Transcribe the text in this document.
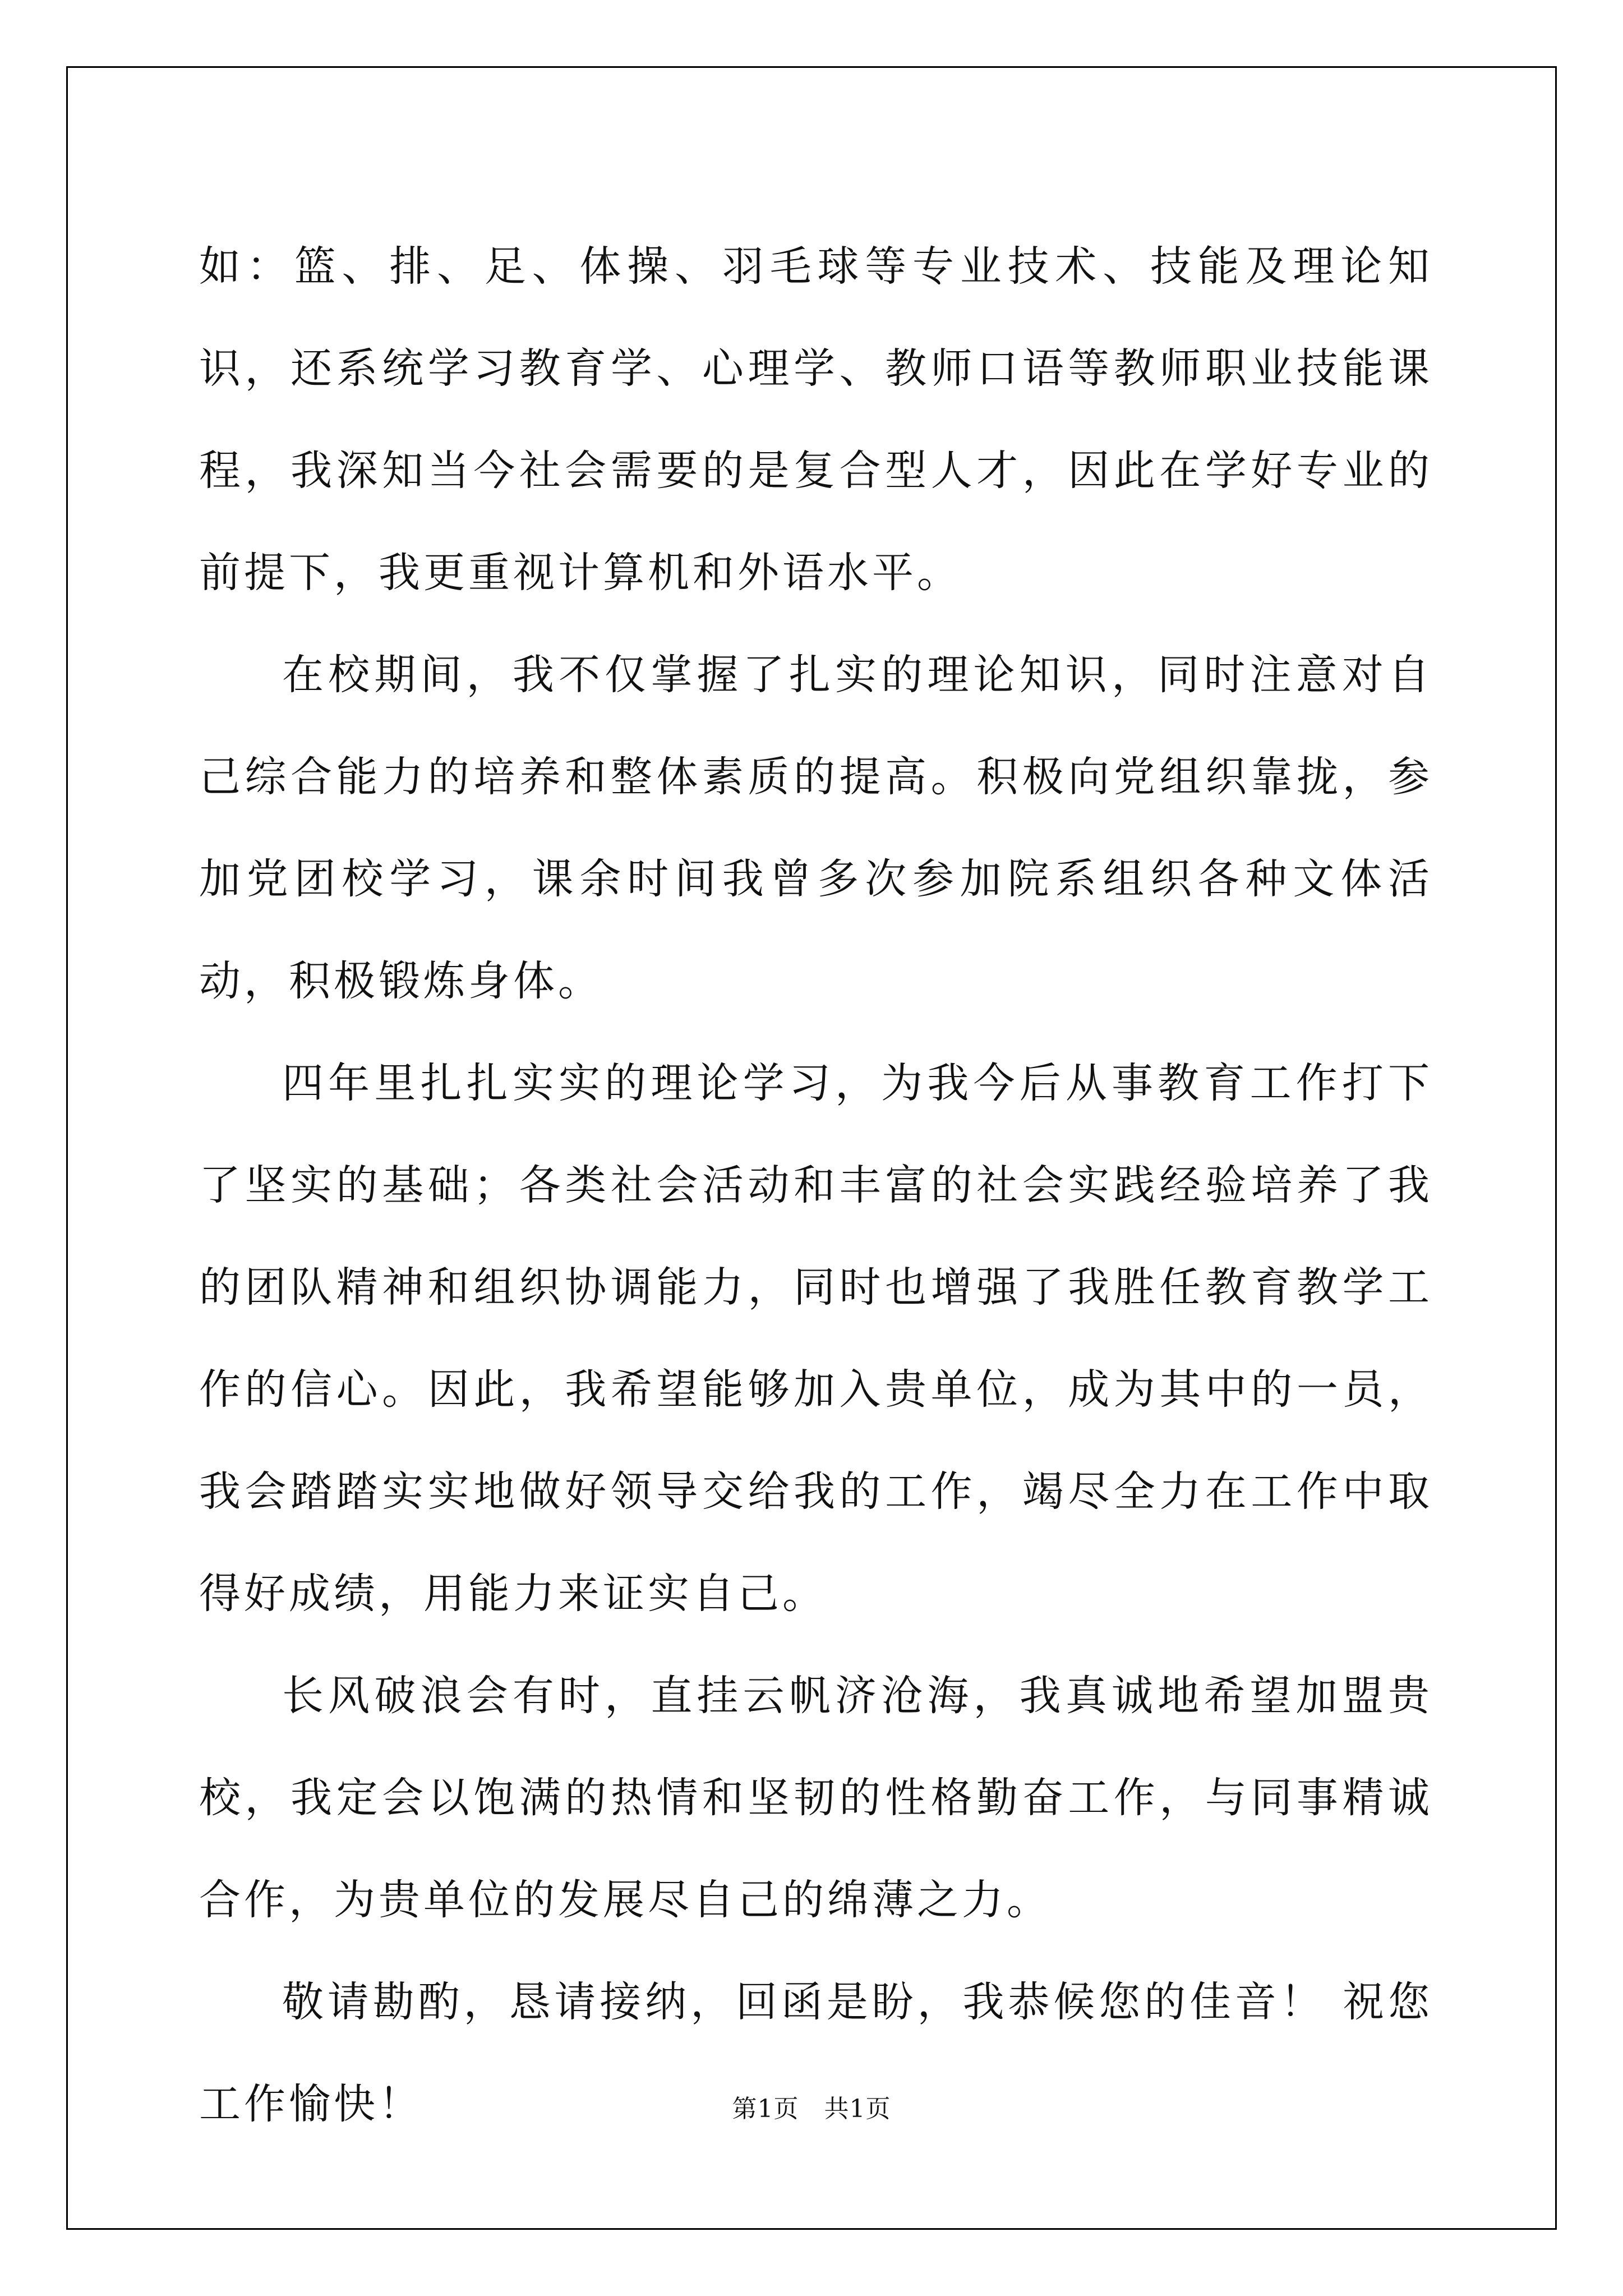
如：篮、排、足、体操、羽毛球等专业技术、技能及理论知识，还系统学习教育学、心理学、教师口语等教师职业技能课程，我深知当今社会需要的是复合型人才，因此在学好专业的前提下，我更重视计算机和外语水平。

在校期间，我不仅掌握了扎实的理论知识，同时注意对自己综合能力的培养和整体素质的提高。积极向党组织靠拢，参加党团校学习，课余时间我曾多次参加院系组织各种文体活动，积极锻炼身体。

四年里扎扎实实的理论学习，为我今后从事教育工作打下了坚实的基础；各类社会活动和丰富的社会实践经验培养了我的团队精神和组织协调能力，同时也增强了我胜任教育教学工作的信心。因此，我希望能够加入贵单位，成为其中的一员，我会踏踏实实地做好领导交给我的工作，竭尽全力在工作中取得好成绩，用能力来证实自己。

长风破浪会有时，直挂云帆济沧海，我真诚地希望加盟贵校，我定会以饱满的热情和坚韧的性格勤奋工作，与同事精诚合作，为贵单位的发展尽自己的绵薄之力。

敬请勘酌，恳请接纳，回函是盼，我恭候您的佳音！ 祝您工作愉快！	第1页　共1页
